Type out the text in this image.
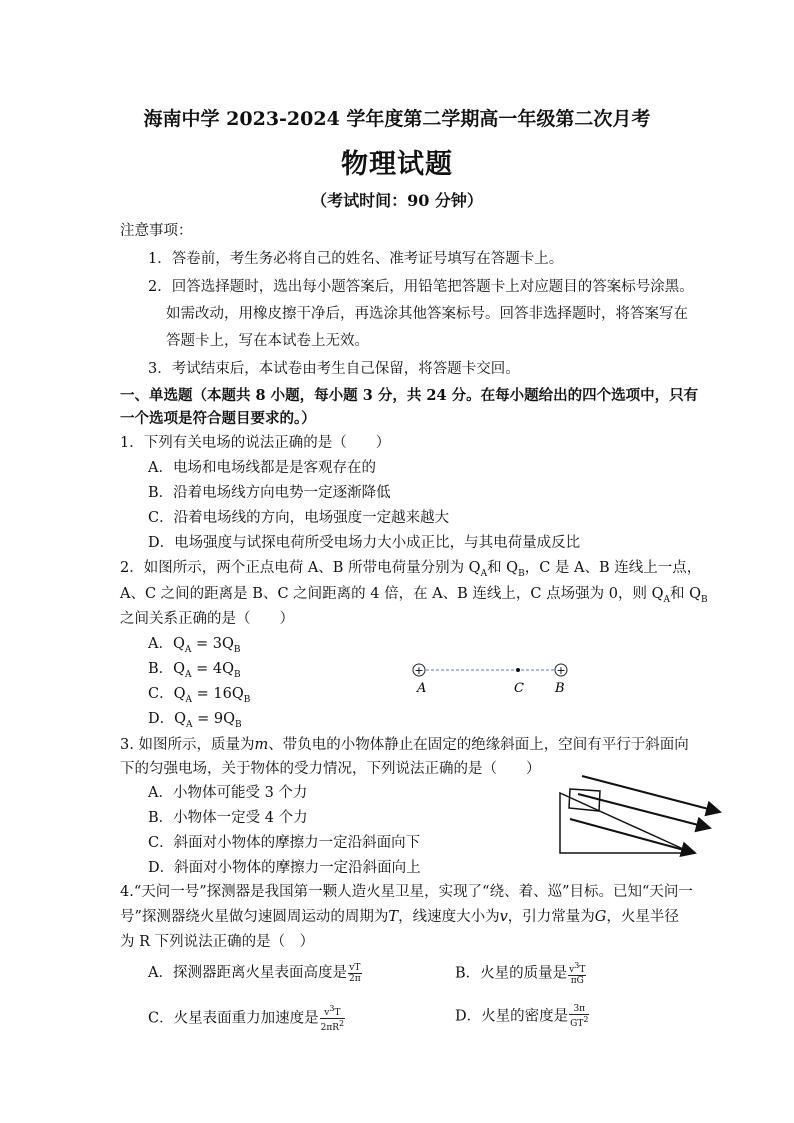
海南中学 2023-2024 学年度第二学期高一年级第二次月考
物理试题
（考试时间：90 分钟）
注意事项：
1．答卷前，考生务必将自己的姓名、准考证号填写在答题卡上。
2．回答选择题时，选出每小题答案后，用铅笔把答题卡上对应题目的答案标号涂黑。
如需改动，用橡皮擦干净后，再选涂其他答案标号。回答非选择题时，将答案写在
答题卡上，写在本试卷上无效。
3．考试结束后，本试卷由考生自己保留，将答题卡交回。
一、单选题（本题共 8 小题，每小题 3 分，共 24 分。在每小题给出的四个选项中，只有
一个选项是符合题目要求的。）
1．下列有关电场的说法正确的是（　　）
A．电场和电场线都是是客观存在的
B．沿着电场线方向电势一定逐渐降低
C．沿着电场线的方向，电场强度一定越来越大
D．电场强度与试探电荷所受电场力大小成正比，与其电荷量成反比
2．如图所示，两个正点电荷 A、B 所带电荷量分别为 $Q_A$和 $Q_B$，C 是 A、B 连线上一点，
A、C 之间的距离是 B、C 之间距离的 4 倍，在 A、B 连线上，C 点场强为 0，则 $Q_A$和 $Q_B$
之间关系正确的是（　　）
A．$Q_A = 3Q_B$
B．$Q_A = 4Q_B$
C．$Q_A = 16Q_B$
D．$Q_A = 9Q_B$
+	+
A	C B
3. 如图所示，质量为m、带负电的小物体静止在固定的绝缘斜面上，空间有平行于斜面向
下的匀强电场，关于物体的受力情况，下列说法正确的是（　　）
A．小物体可能受 3 个力
B．小物体一定受 4 个力
C．斜面对小物体的摩擦力一定沿斜面向下
D．斜面对小物体的摩擦力一定沿斜面向上
4.“天问一号”探测器是我国第一颗人造火星卫星，实现了“绕、着、巡”目标。已知“天问一
号”探测器绕火星做匀速圆周运动的周期为T，线速度大小为v，引力常量为G，火星半径
为 R 下列说法正确的是（　）
A．探测器距离火星表面高度是 $\frac{vT}{2\pi}$	B．火星的质量是 $\frac{v^3T}{\pi G}$
C．火星表面重力加速度是 $\frac{v^3T}{2\pi R^2}$	D．火星的密度是 $\frac{3\pi}{GT^2}$
